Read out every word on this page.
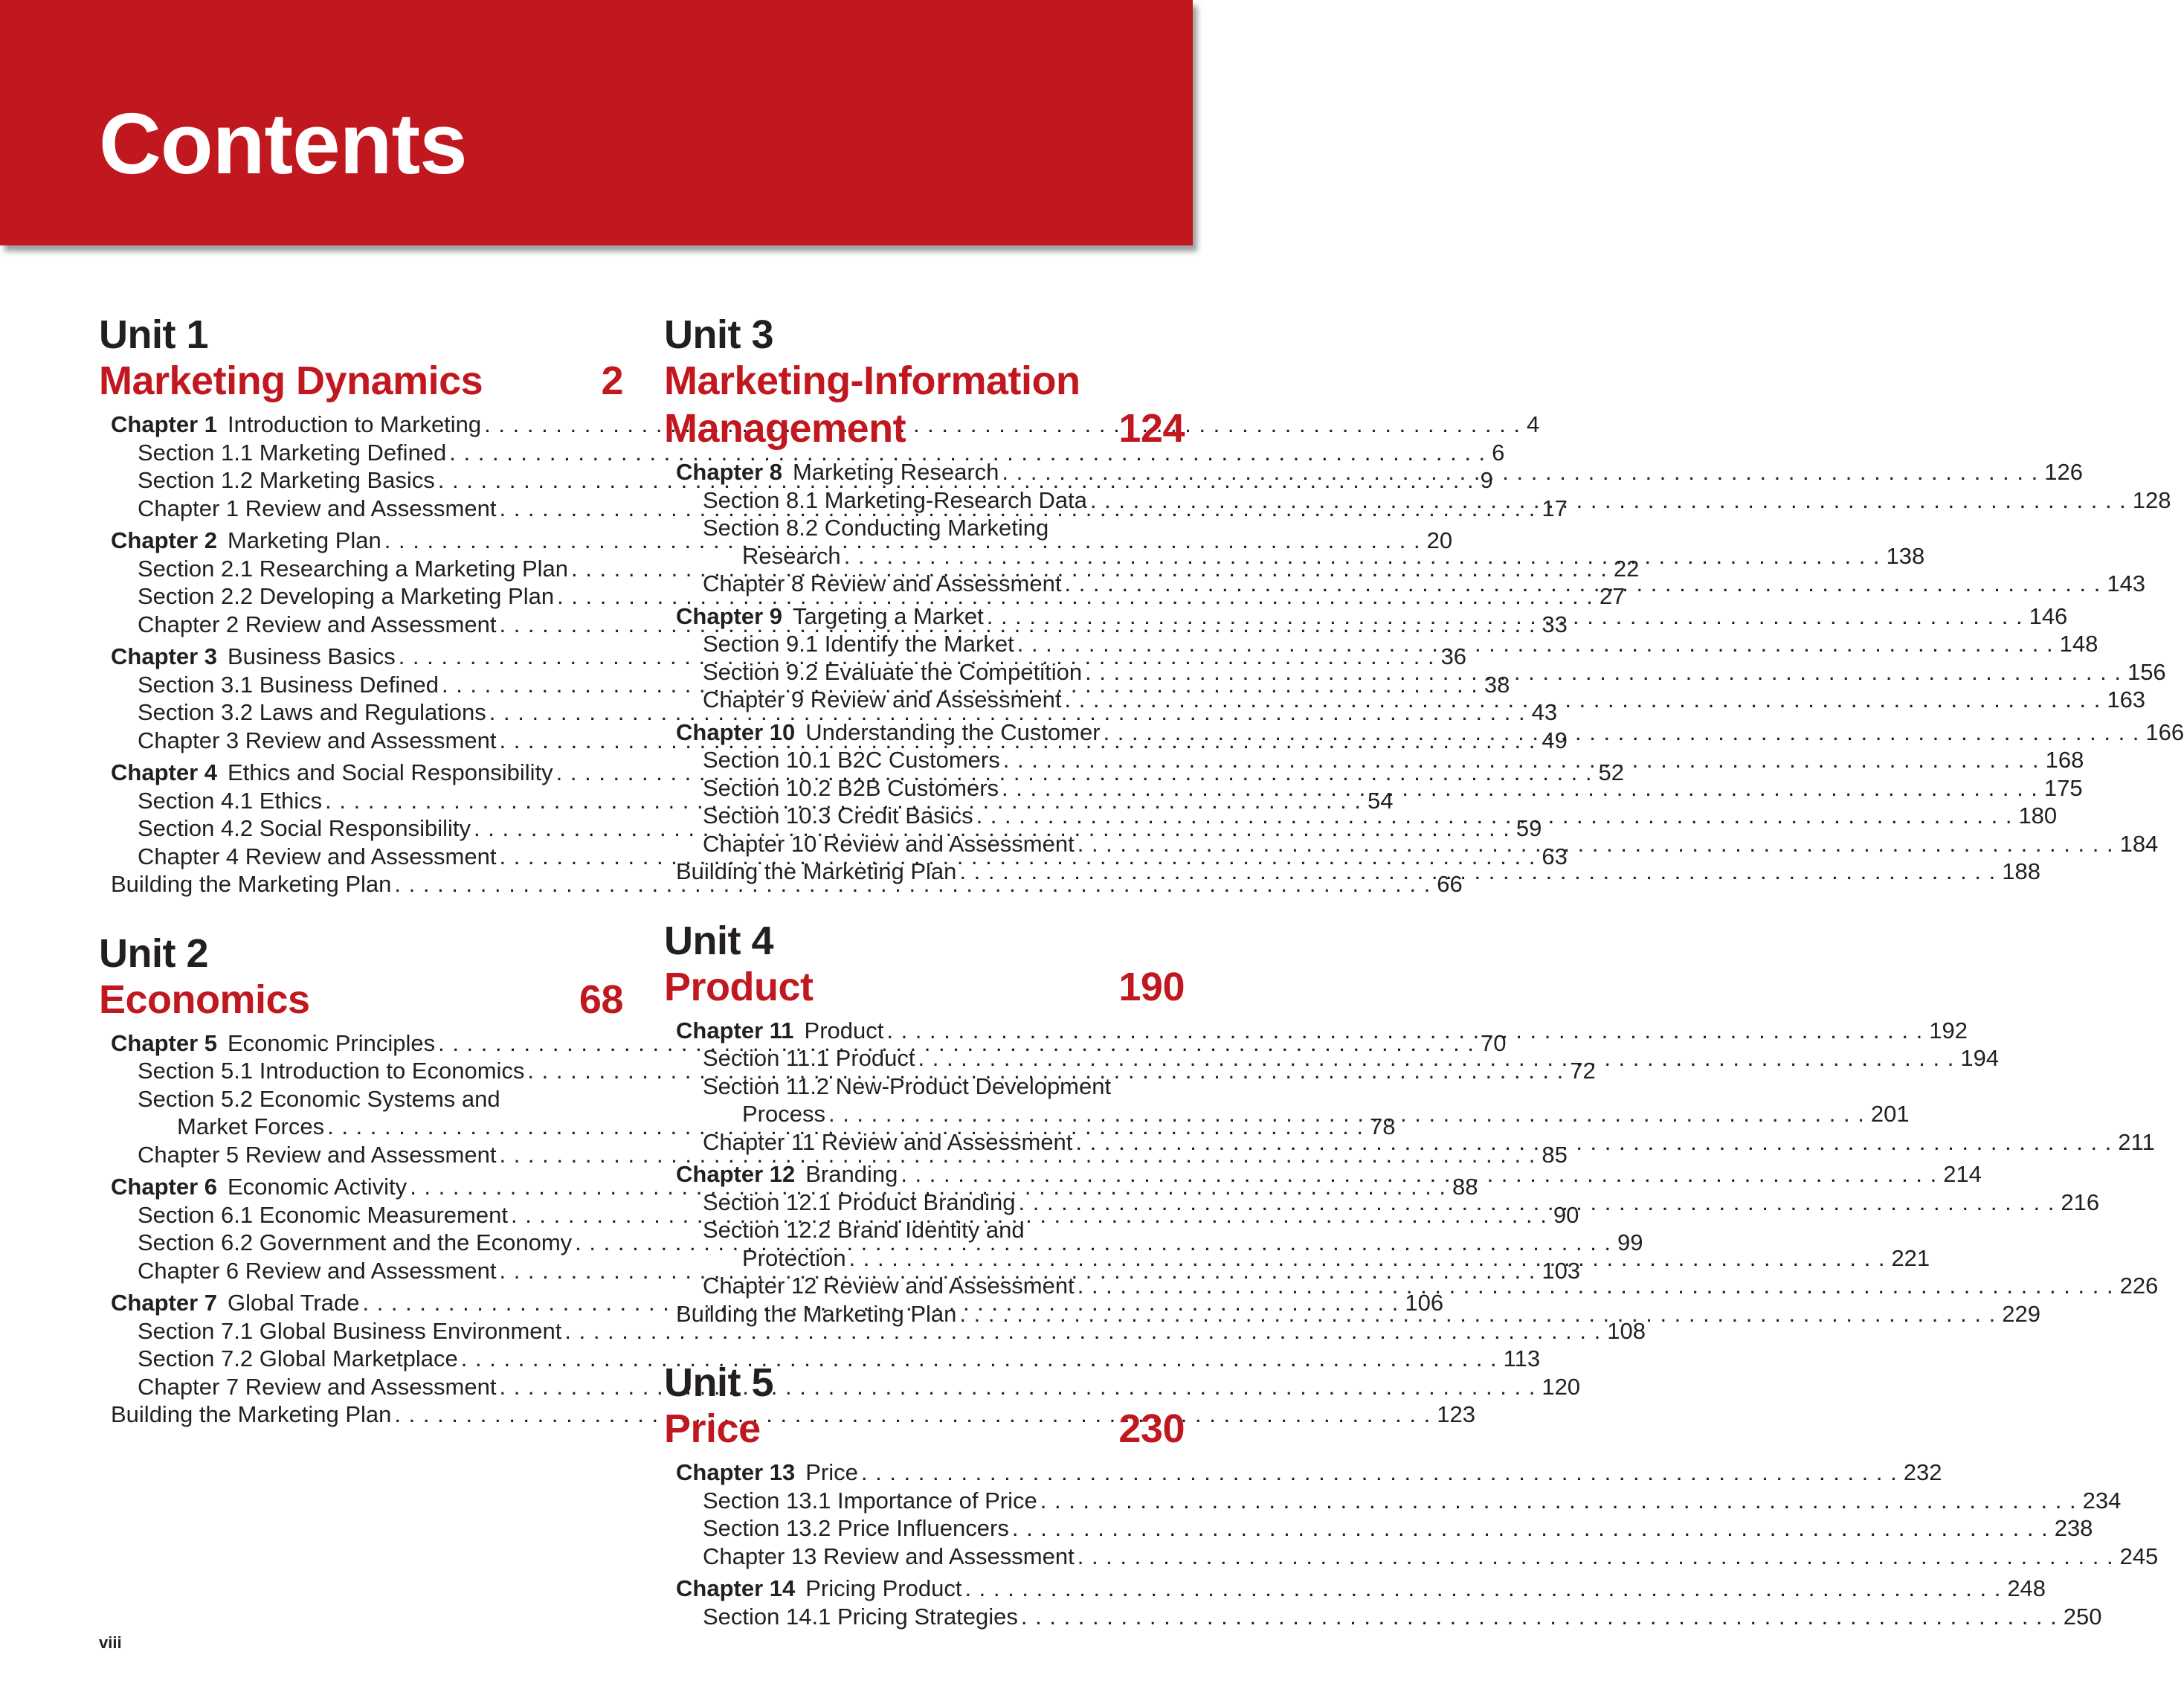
Contents
Unit 1
Marketing Dynamics	2
Chapter 1 Introduction to Marketing . . .	4
Section 1.1 Marketing Defined . . .	6
Section 1.2 Marketing Basics . . .	9
Chapter 1 Review and Assessment . . .	17
Chapter 2 Marketing Plan . . .	20
Section 2.1 Researching a Marketing Plan . . .	22
Section 2.2 Developing a Marketing Plan . . .	27
Chapter 2 Review and Assessment . . .	33
Chapter 3 Business Basics . . .	36
Section 3.1 Business Defined . . .	38
Section 3.2 Laws and Regulations . . .	43
Chapter 3 Review and Assessment . . .	49
Chapter 4 Ethics and Social Responsibility . . .	52
Section 4.1 Ethics . . .	54
Section 4.2 Social Responsibility . . .	59
Chapter 4 Review and Assessment . . .	63
Building the Marketing Plan . . .	66
Unit 2
Economics	68
Chapter 5 Economic Principles . . .	70
Section 5.1 Introduction to Economics . . .	72
Section 5.2 Economic Systems and
Market Forces . . .	78
Chapter 5 Review and Assessment . . .	85
Chapter 6 Economic Activity . . .	88
Section 6.1 Economic Measurement . . .	90
Section 6.2 Government and the Economy . . .	99
Chapter 6 Review and Assessment . . .	103
Chapter 7 Global Trade . . .	106
Section 7.1 Global Business Environment . . .	108
Section 7.2 Global Marketplace . . .	113
Chapter 7 Review and Assessment . . .	120
Building the Marketing Plan . . .	123
Unit 3
Marketing-Information
Management	124
Chapter 8 Marketing Research . . .	126
Section 8.1 Marketing-Research Data . . .	128
Section 8.2 Conducting Marketing
Research . . .	138
Chapter 8 Review and Assessment . . .	143
Chapter 9 Targeting a Market . . .	146
Section 9.1 Identify the Market . . .	148
Section 9.2 Evaluate the Competition . . .	156
Chapter 9 Review and Assessment . . .	163
Chapter 10 Understanding the Customer . . .	166
Section 10.1 B2C Customers . . .	168
Section 10.2 B2B Customers . . .	175
Section 10.3 Credit Basics . . .	180
Chapter 10 Review and Assessment . . .	184
Building the Marketing Plan . . .	188
Unit 4
Product	190
Chapter 11 Product . . .	192
Section 11.1 Product . . .	194
Section 11.2 New-Product Development
Process . . .	201
Chapter 11 Review and Assessment . . .	211
Chapter 12 Branding . . .	214
Section 12.1 Product Branding . . .	216
Section 12.2 Brand Identity and
Protection . . .	221
Chapter 12 Review and Assessment . . .	226
Building the Marketing Plan . . .	229
Unit 5
Price	230
Chapter 13 Price . . .	232
Section 13.1 Importance of Price . . .	234
Section 13.2 Price Influencers . . .	238
Chapter 13 Review and Assessment . . .	245
Chapter 14 Pricing Product . . .	248
Section 14.1 Pricing Strategies . . .	250
viii
